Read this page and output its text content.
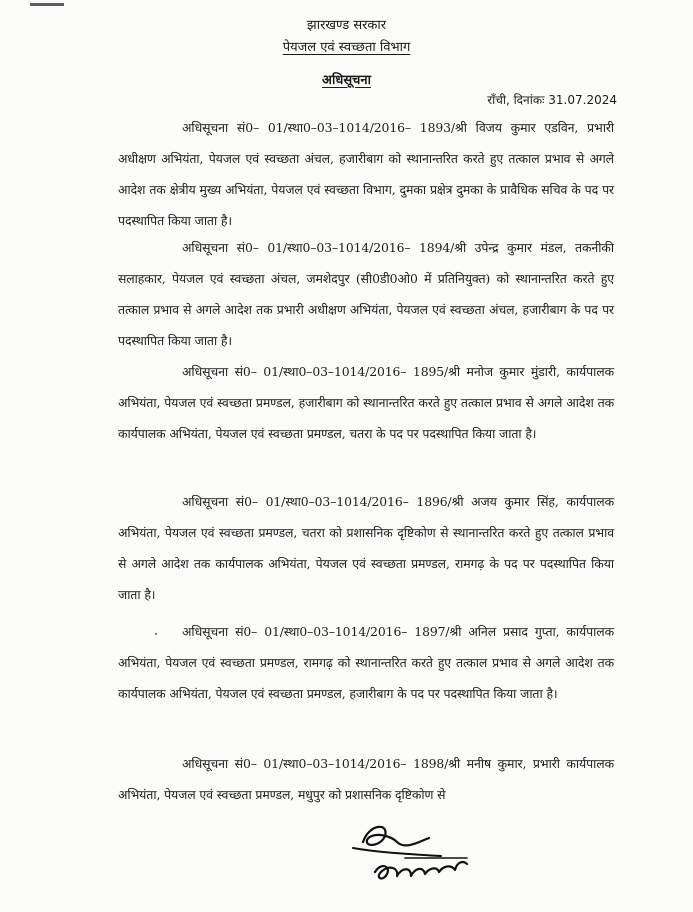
झारखण्ड सरकार
पेयजल एवं स्वच्छता विभाग
अधिसूचना
राँची, दिनांकः 31.07.2024
अधिसूचना सं0– 01/स्था0–03–1014/2016– 1893/श्री विजय कुमार एडविन, प्रभारी अधीक्षण अभियंता, पेयजल एवं स्वच्छता अंचल, हजारीबाग को स्थानान्तरित करते हुए तत्काल प्रभाव से अगले आदेश तक क्षेत्रीय मुख्य अभियंता, पेयजल एवं स्वच्छता विभाग, दुमका प्रक्षेत्र दुमका के प्रावैधिक सचिव के पद पर पदस्थापित किया जाता है।
अधिसूचना सं0– 01/स्था0–03–1014/2016– 1894/श्री उपेन्द्र कुमार मंडल, तकनीकी सलाहकार, पेयजल एवं स्वच्छता अंचल, जमशेदपुर (सी0डी0ओ0 में प्रतिनियुक्त) को स्थानान्तरित करते हुए तत्काल प्रभाव से अगले आदेश तक प्रभारी अधीक्षण अभियंता, पेयजल एवं स्वच्छता अंचल, हजारीबाग के पद पर पदस्थापित किया जाता है।
अधिसूचना सं0– 01/स्था0–03–1014/2016– 1895/श्री मनोज कुमार मुंडारी, कार्यपालक अभियंता, पेयजल एवं स्वच्छता प्रमण्डल, हजारीबाग को स्थानान्तरित करते हुए तत्काल प्रभाव से अगले आदेश तक कार्यपालक अभियंता, पेयजल एवं स्वच्छता प्रमण्डल, चतरा के पद पर पदस्थापित किया जाता है।
अधिसूचना सं0– 01/स्था0–03–1014/2016– 1896/श्री अजय कुमार सिंह, कार्यपालक अभियंता, पेयजल एवं स्वच्छता प्रमण्डल, चतरा को प्रशासनिक दृष्टिकोण से स्थानान्तरित करते हुए तत्काल प्रभाव से अगले आदेश तक कार्यपालक अभियंता, पेयजल एवं स्वच्छता प्रमण्डल, रामगढ़ के पद पर पदस्थापित किया जाता है।
अधिसूचना सं0– 01/स्था0–03–1014/2016– 1897/श्री अनिल प्रसाद गुप्ता, कार्यपालक अभियंता, पेयजल एवं स्वच्छता प्रमण्डल, रामगढ़ को स्थानान्तरित करते हुए तत्काल प्रभाव से अगले आदेश तक कार्यपालक अभियंता, पेयजल एवं स्वच्छता प्रमण्डल, हजारीबाग के पद पर पदस्थापित किया जाता है।
अधिसूचना सं0– 01/स्था0–03–1014/2016– 1898/श्री मनीष कुमार, प्रभारी कार्यपालक अभियंता, पेयजल एवं स्वच्छता प्रमण्डल, मधुपुर को प्रशासनिक दृष्टिकोण से
